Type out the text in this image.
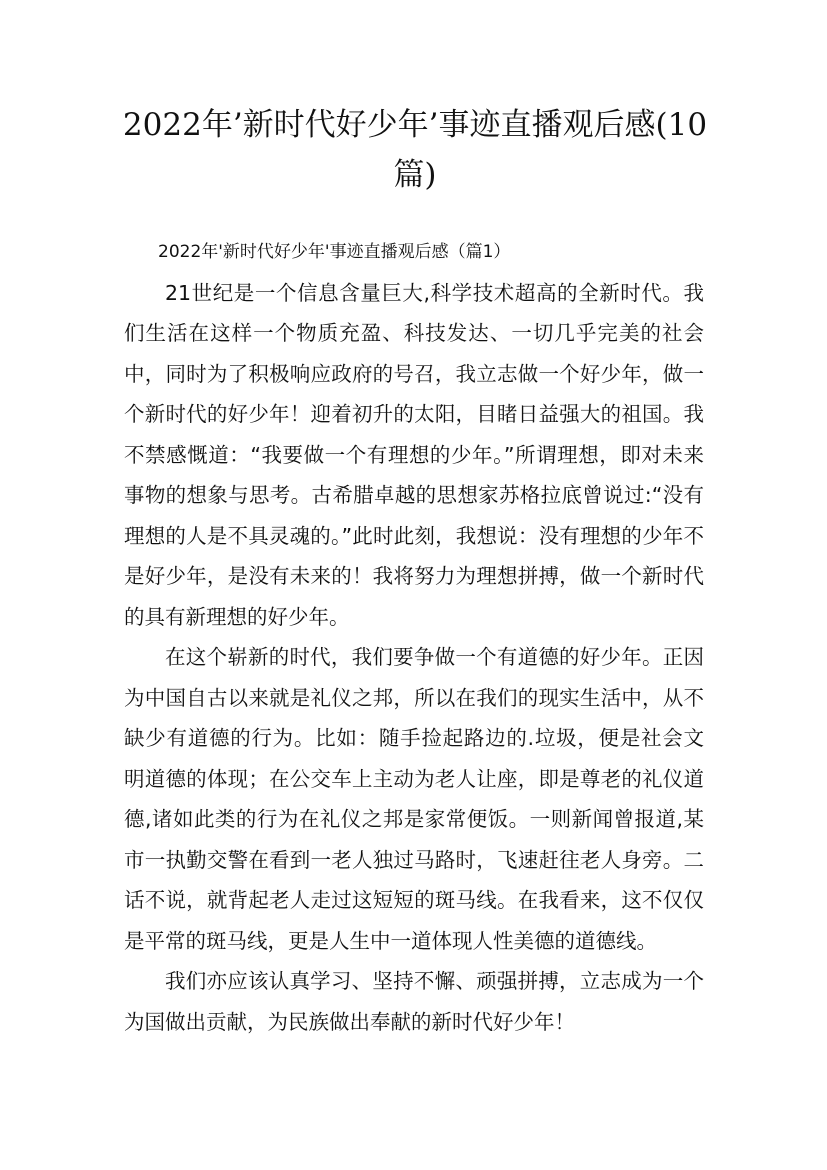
2022年’新时代好少年’事迹直播观后感(10篇)

2022年'新时代好少年'事迹直播观后感（篇1）

21世纪是一个信息含量巨大,科学技术超高的全新时代。我们生活在这样一个物质充盈、科技发达、一切几乎完美的社会中，同时为了积极响应政府的号召，我立志做一个好少年，做一个新时代的好少年！迎着初升的太阳，目睹日益强大的祖国。我不禁感慨道：“我要做一个有理想的少年。”所谓理想，即对未来事物的想象与思考。古希腊卓越的思想家苏格拉底曾说过:“没有理想的人是不具灵魂的。”此时此刻，我想说：没有理想的少年不是好少年，是没有未来的！我将努力为理想拼搏，做一个新时代的具有新理想的好少年。

在这个崭新的时代，我们要争做一个有道德的好少年。正因为中国自古以来就是礼仪之邦，所以在我们的现实生活中，从不缺少有道德的行为。比如：随手捡起路边的.垃圾，便是社会文明道德的体现；在公交车上主动为老人让座，即是尊老的礼仪道德,诸如此类的行为在礼仪之邦是家常便饭。一则新闻曾报道,某市一执勤交警在看到一老人独过马路时，飞速赶往老人身旁。二话不说，就背起老人走过这短短的斑马线。在我看来，这不仅仅是平常的斑马线，更是人生中一道体现人性美德的道德线。

我们亦应该认真学习、坚持不懈、顽强拼搏，立志成为一个为国做出贡献，为民族做出奉献的新时代好少年！
